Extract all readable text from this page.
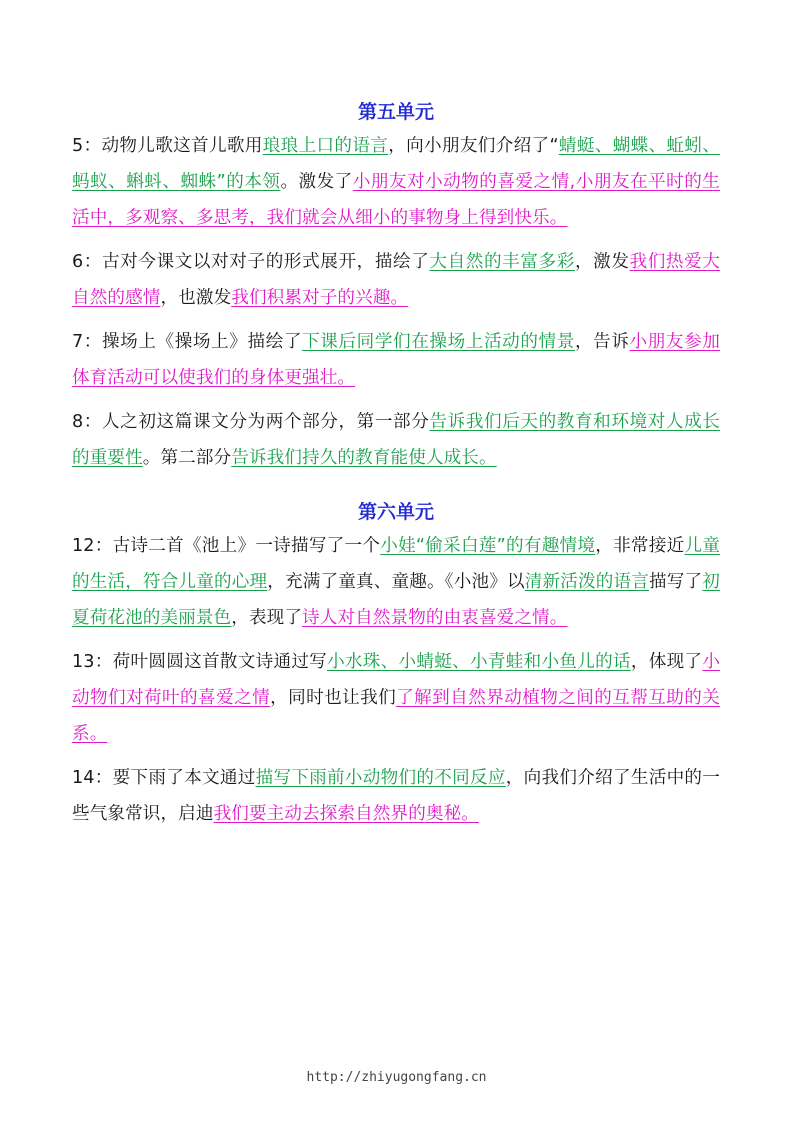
第五单元

5：动物儿歌这首儿歌用琅琅上口的语言，向小朋友们介绍了“蜻蜓、蝴蝶、蚯蚓、蚂蚁、蝌蚪、蜘蛛”的本领。激发了小朋友对小动物的喜爱之情,小朋友在平时的生活中，多观察、多思考，我们就会从细小的事物身上得到快乐。

6：古对今课文以对对子的形式展开，描绘了大自然的丰富多彩，激发我们热爱大自然的感情，也激发我们积累对子的兴趣。

7：操场上《操场上》描绘了下课后同学们在操场上活动的情景，告诉小朋友参加体育活动可以使我们的身体更强壮。

8：人之初这篇课文分为两个部分，第一部分告诉我们后天的教育和环境对人成长的重要性。第二部分告诉我们持久的教育能使人成长。

第六单元

12：古诗二首《池上》一诗描写了一个小娃“偷采白莲”的有趣情境，非常接近儿童的生活，符合儿童的心理，充满了童真、童趣。《小池》以清新活泼的语言描写了初夏荷花池的美丽景色，表现了诗人对自然景物的由衷喜爱之情。

13：荷叶圆圆这首散文诗通过写小水珠、小蜻蜓、小青蛙和小鱼儿的话，体现了小动物们对荷叶的喜爱之情，同时也让我们了解到自然界动植物之间的互帮互助的关系。

14：要下雨了本文通过描写下雨前小动物们的不同反应，向我们介绍了生活中的一些气象常识，启迪我们要主动去探索自然界的奥秘。

http://zhiyugongfang.cn
